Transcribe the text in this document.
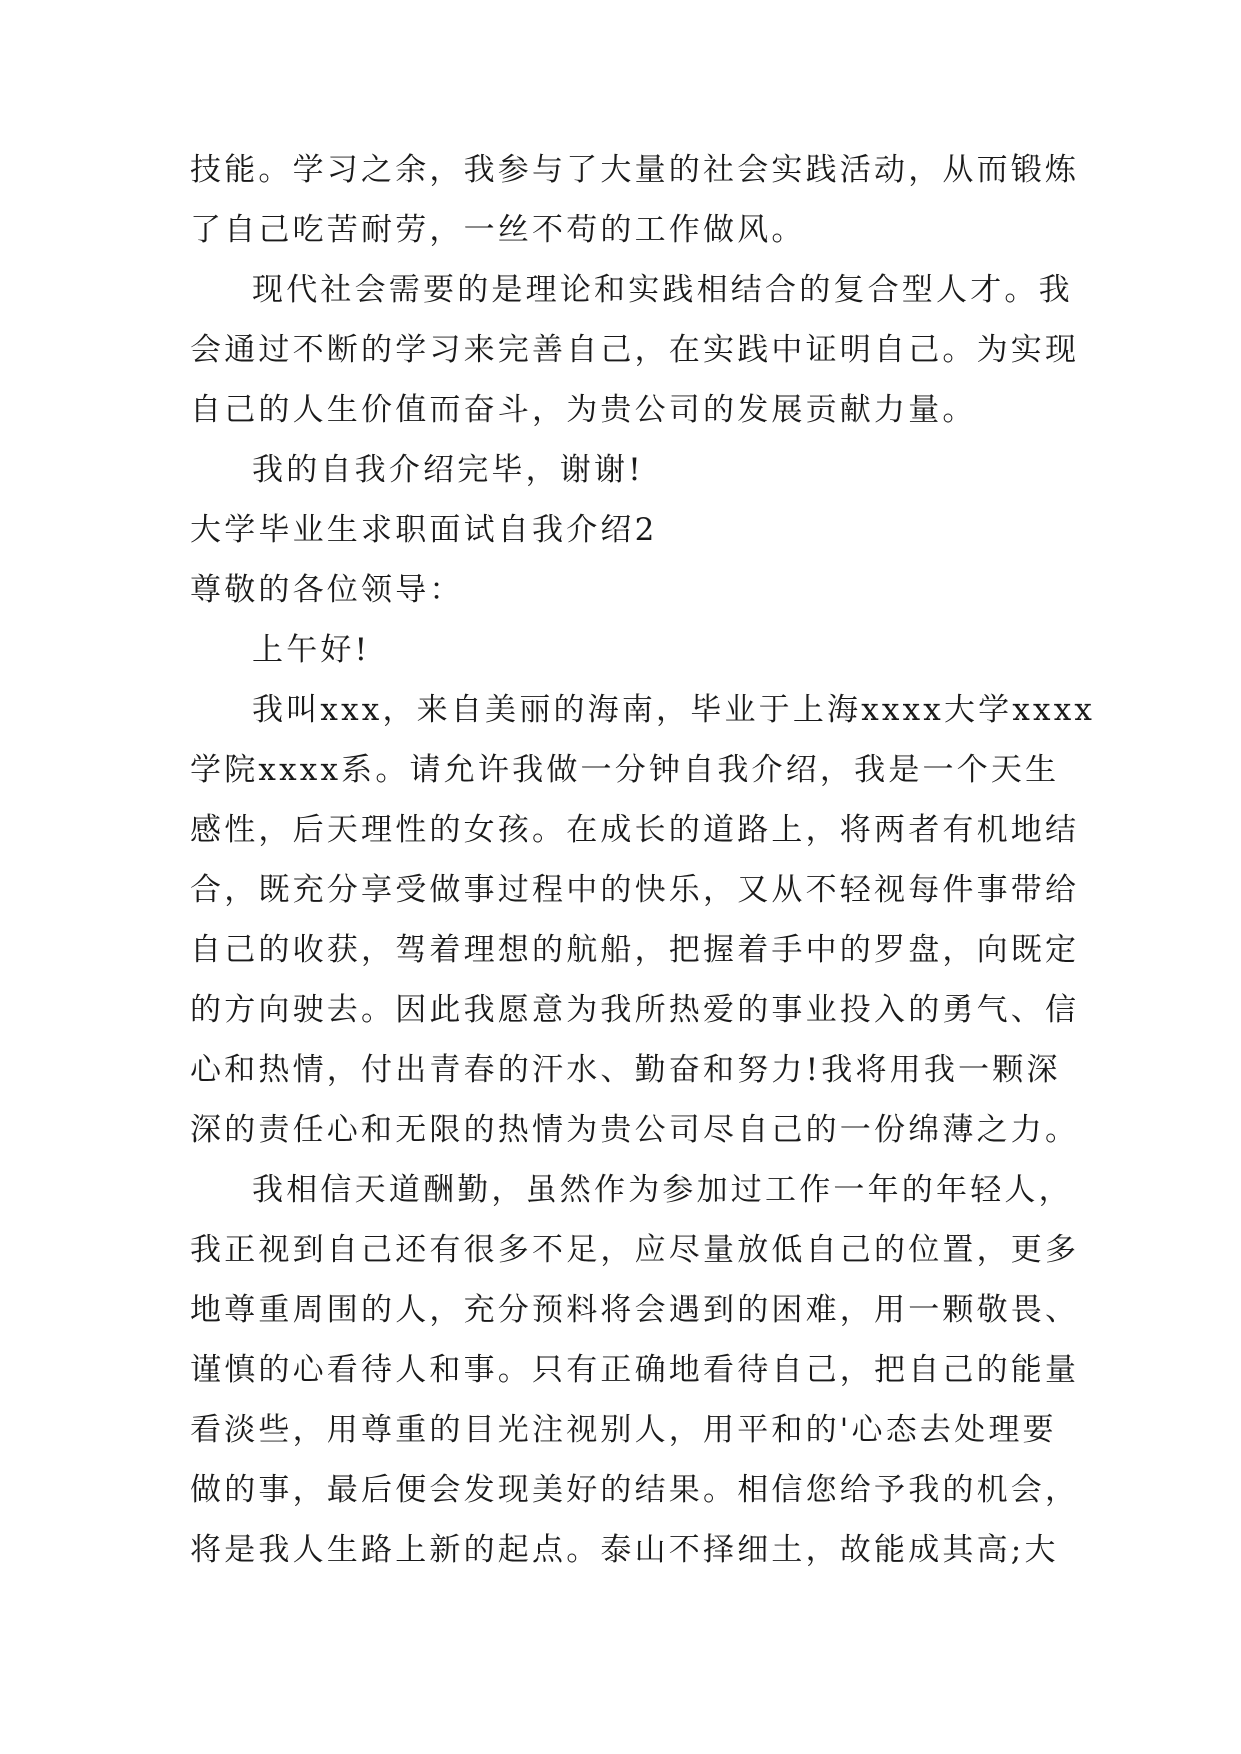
技能。学习之余，我参与了大量的社会实践活动，从而锻炼
了自己吃苦耐劳，一丝不苟的工作做风。
现代社会需要的是理论和实践相结合的复合型人才。我
会通过不断的学习来完善自己，在实践中证明自己。为实现
自己的人生价值而奋斗，为贵公司的发展贡献力量。
我的自我介绍完毕，谢谢!
大学毕业生求职面试自我介绍2
尊敬的各位领导：
上午好!
我叫xxx，来自美丽的海南，毕业于上海xxxx大学xxxx
学院xxxx系。请允许我做一分钟自我介绍，我是一个天生
感性，后天理性的女孩。在成长的道路上，将两者有机地结
合，既充分享受做事过程中的快乐，又从不轻视每件事带给
自己的收获，驾着理想的航船，把握着手中的罗盘，向既定
的方向驶去。因此我愿意为我所热爱的事业投入的勇气、信
心和热情，付出青春的汗水、勤奋和努力!我将用我一颗深
深的责任心和无限的热情为贵公司尽自己的一份绵薄之力。
我相信天道酬勤，虽然作为参加过工作一年的年轻人，
我正视到自己还有很多不足，应尽量放低自己的位置，更多
地尊重周围的人，充分预料将会遇到的困难，用一颗敬畏、
谨慎的心看待人和事。只有正确地看待自己，把自己的能量
看淡些，用尊重的目光注视别人，用平和的'心态去处理要
做的事，最后便会发现美好的结果。相信您给予我的机会，
将是我人生路上新的起点。泰山不择细土，故能成其高;大
